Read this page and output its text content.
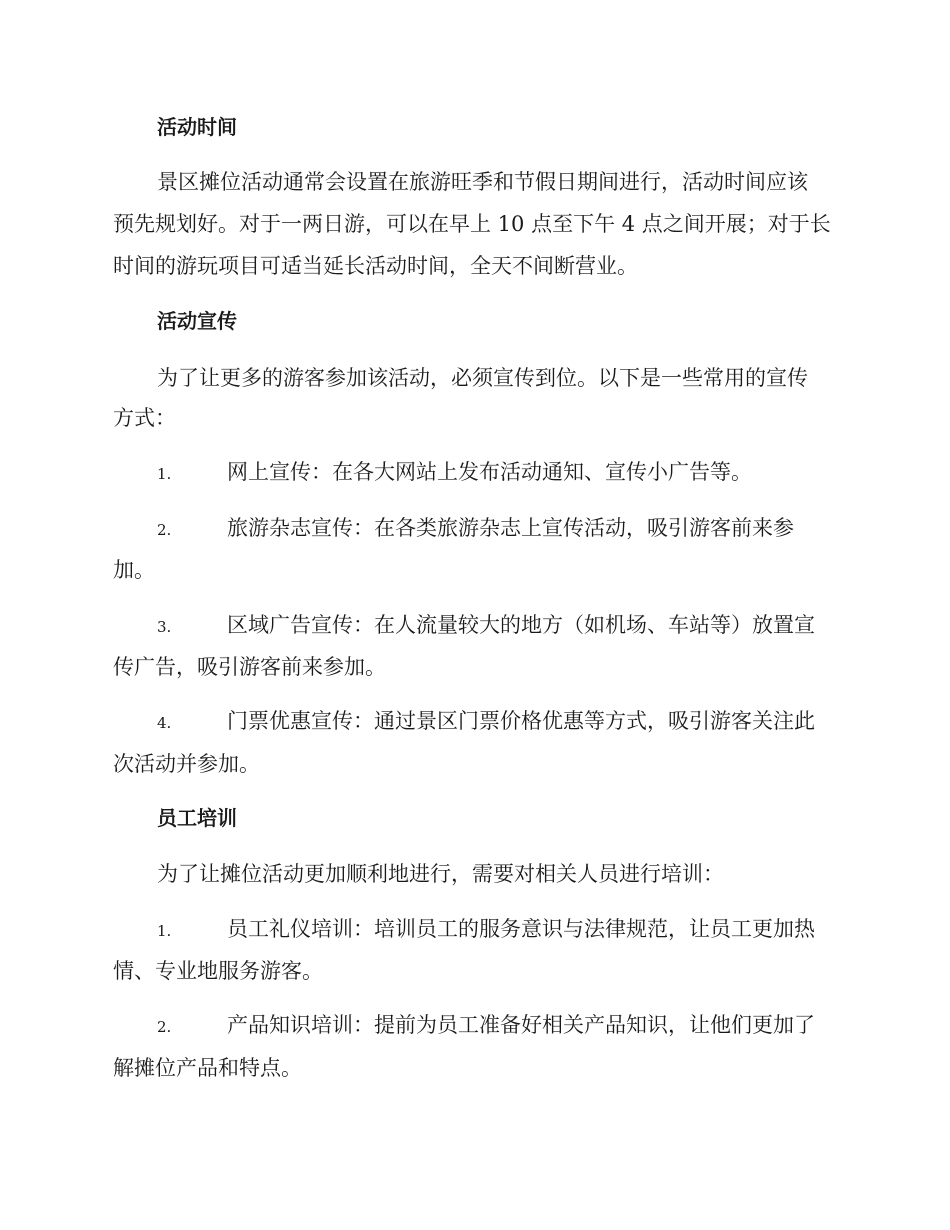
活动时间
景区摊位活动通常会设置在旅游旺季和节假日期间进行，活动时间应该
预先规划好。对于一两日游，可以在早上 10 点至下午 4 点之间开展；对于长
时间的游玩项目可适当延长活动时间，全天不间断营业。
活动宣传
为了让更多的游客参加该活动，必须宣传到位。以下是一些常用的宣传
方式：
1.	网上宣传：在各大网站上发布活动通知、宣传小广告等。
2.	旅游杂志宣传：在各类旅游杂志上宣传活动，吸引游客前来参
加。
3.	区域广告宣传：在人流量较大的地方（如机场、车站等）放置宣
传广告，吸引游客前来参加。
4.	门票优惠宣传：通过景区门票价格优惠等方式，吸引游客关注此
次活动并参加。
员工培训
为了让摊位活动更加顺利地进行，需要对相关人员进行培训：
1.	员工礼仪培训：培训员工的服务意识与法律规范，让员工更加热
情、专业地服务游客。
2.	产品知识培训：提前为员工准备好相关产品知识，让他们更加了
解摊位产品和特点。
